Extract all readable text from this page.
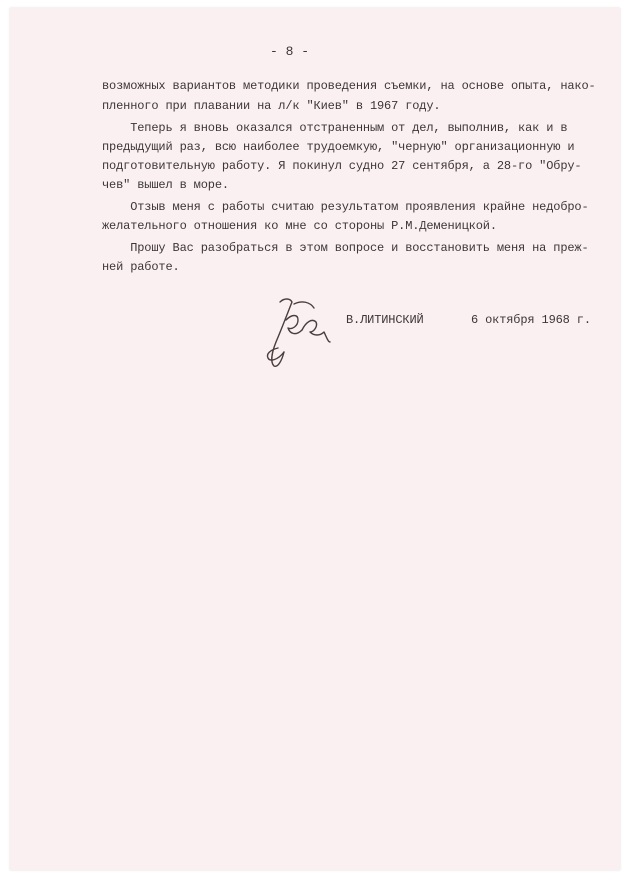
- 8 -
возможных вариантов методики проведения съемки, на основе опыта, нако-
пленного при плавании на л/к "Киев" в 1967 году.
Теперь я вновь оказался отстраненным от дел, выполнив, как и в
предыдущий раз, всю наиболее трудоемкую, "черную" организационную и
подготовительную работу. Я покинул судно 27 сентября, а 28-го "Обру-
чев" вышел в море.
Отзыв меня с работы считаю результатом проявления крайне недобро-
желательного отношения ко мне со стороны Р.М.Деменицкой.
Прошу Вас разобраться в этом вопросе и восстановить меня на преж-
ней работе.
В.ЛИТИНСКИЙ	6 октября 1968 г.
